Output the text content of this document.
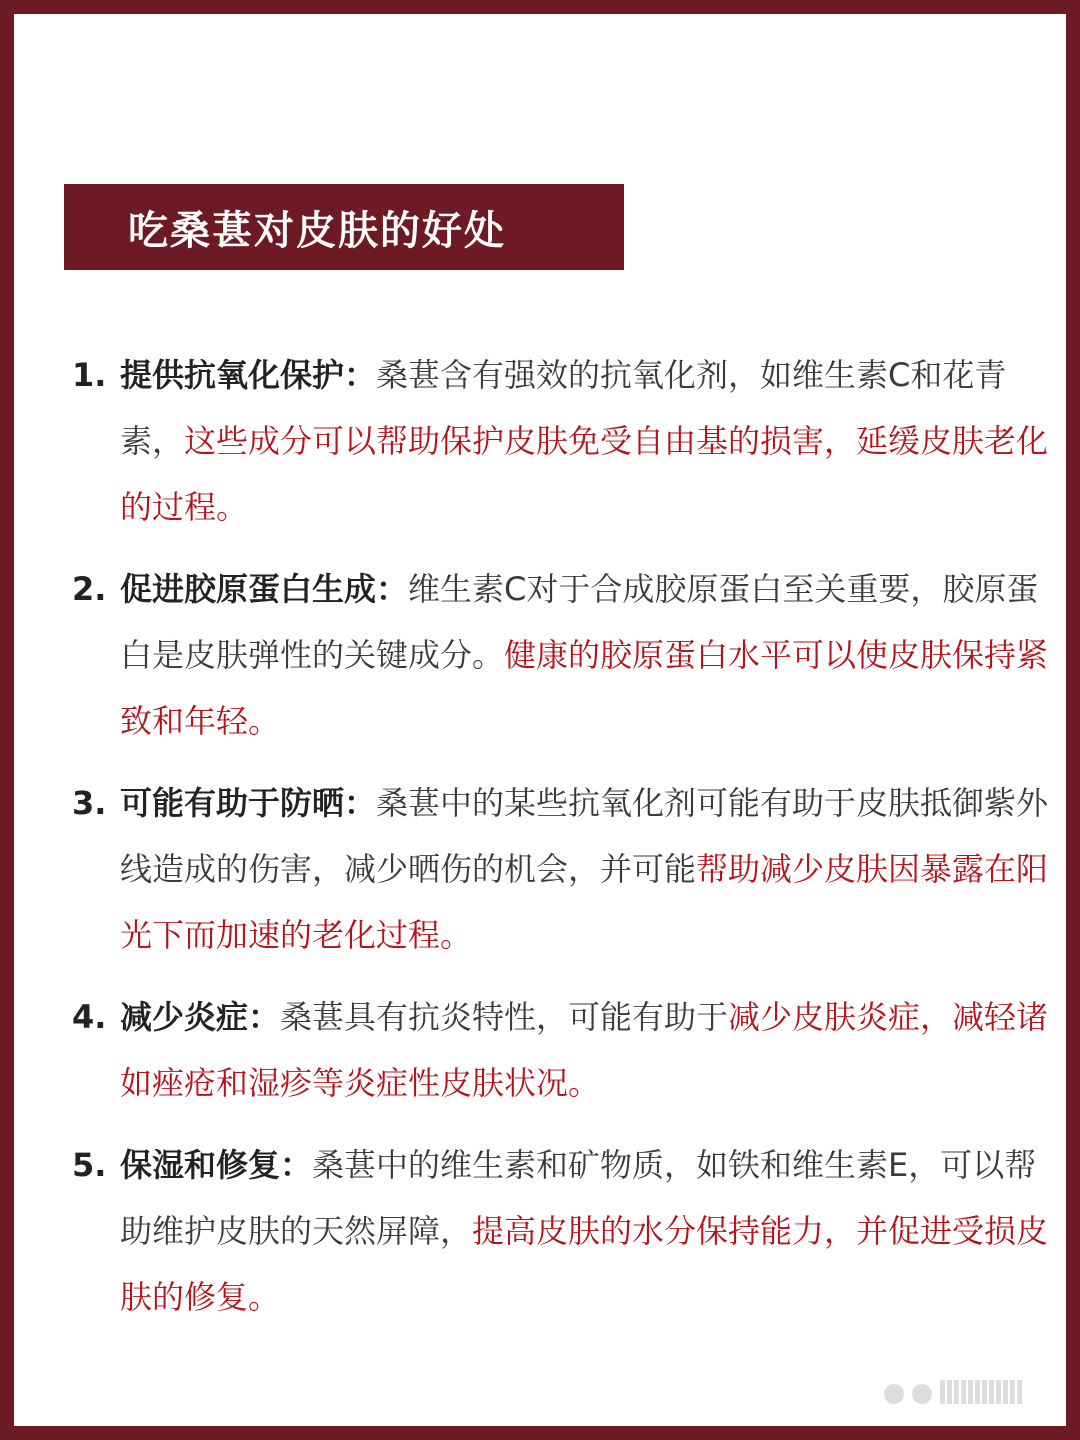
吃桑葚对皮肤的好处
1. 提供抗氧化保护：桑葚含有强效的抗氧化剂，如维生素C和花青素，这些成分可以帮助保护皮肤免受自由基的损害，延缓皮肤老化的过程。
2. 促进胶原蛋白生成：维生素C对于合成胶原蛋白至关重要，胶原蛋白是皮肤弹性的关键成分。健康的胶原蛋白水平可以使皮肤保持紧致和年轻。
3. 可能有助于防晒：桑葚中的某些抗氧化剂可能有助于皮肤抵御紫外线造成的伤害，减少晒伤的机会，并可能帮助减少皮肤因暴露在阳光下而加速的老化过程。
4. 减少炎症：桑葚具有抗炎特性，可能有助于减少皮肤炎症，减轻诸如痤疮和湿疹等炎症性皮肤状况。
5. 保湿和修复：桑葚中的维生素和矿物质，如铁和维生素E，可以帮助维护皮肤的天然屏障，提高皮肤的水分保持能力，并促进受损皮肤的修复。
